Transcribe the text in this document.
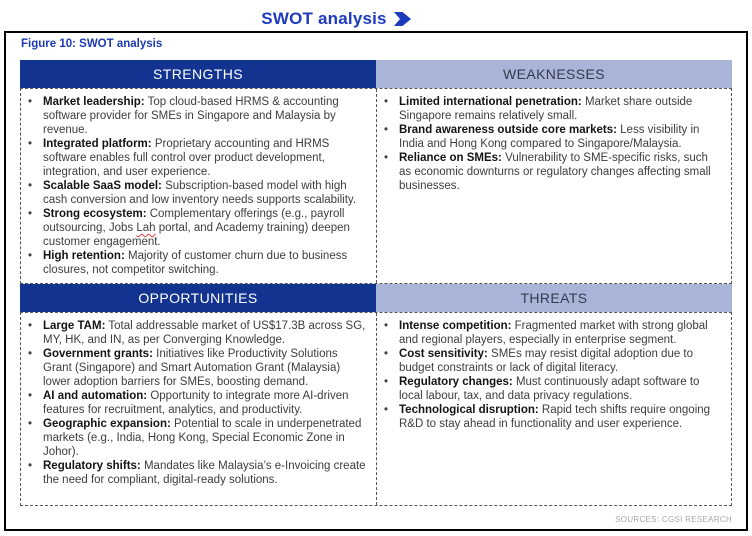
SWOT analysis
Figure 10: SWOT analysis
STRENGTHS	WEAKNESSES
• Market leadership: Top cloud-based HRMS & accounting software provider for SMEs in Singapore and Malaysia by revenue.
• Integrated platform: Proprietary accounting and HRMS software enables full control over product development, integration, and user experience.
• Scalable SaaS model: Subscription-based model with high cash conversion and low inventory needs supports scalability.
• Strong ecosystem: Complementary offerings (e.g., payroll outsourcing, Jobs Lah portal, and Academy training) deepen customer engagement.
• High retention: Majority of customer churn due to business closures, not competitor switching.
• Limited international penetration: Market share outside Singapore remains relatively small.
• Brand awareness outside core markets: Less visibility in India and Hong Kong compared to Singapore/Malaysia.
• Reliance on SMEs: Vulnerability to SME-specific risks, such as economic downturns or regulatory changes affecting small businesses.
OPPORTUNITIES	THREATS
• Large TAM: Total addressable market of US$17.3B across SG, MY, HK, and IN, as per Converging Knowledge.
• Government grants: Initiatives like Productivity Solutions Grant (Singapore) and Smart Automation Grant (Malaysia) lower adoption barriers for SMEs, boosting demand.
• AI and automation: Opportunity to integrate more AI-driven features for recruitment, analytics, and productivity.
• Geographic expansion: Potential to scale in underpenetrated markets (e.g., India, Hong Kong, Special Economic Zone in Johor).
• Regulatory shifts: Mandates like Malaysia’s e-Invoicing create the need for compliant, digital-ready solutions.
• Intense competition: Fragmented market with strong global and regional players, especially in enterprise segment.
• Cost sensitivity: SMEs may resist digital adoption due to budget constraints or lack of digital literacy.
• Regulatory changes: Must continuously adapt software to local labour, tax, and data privacy regulations.
• Technological disruption: Rapid tech shifts require ongoing R&D to stay ahead in functionality and user experience.
SOURCES: CGSI RESEARCH
